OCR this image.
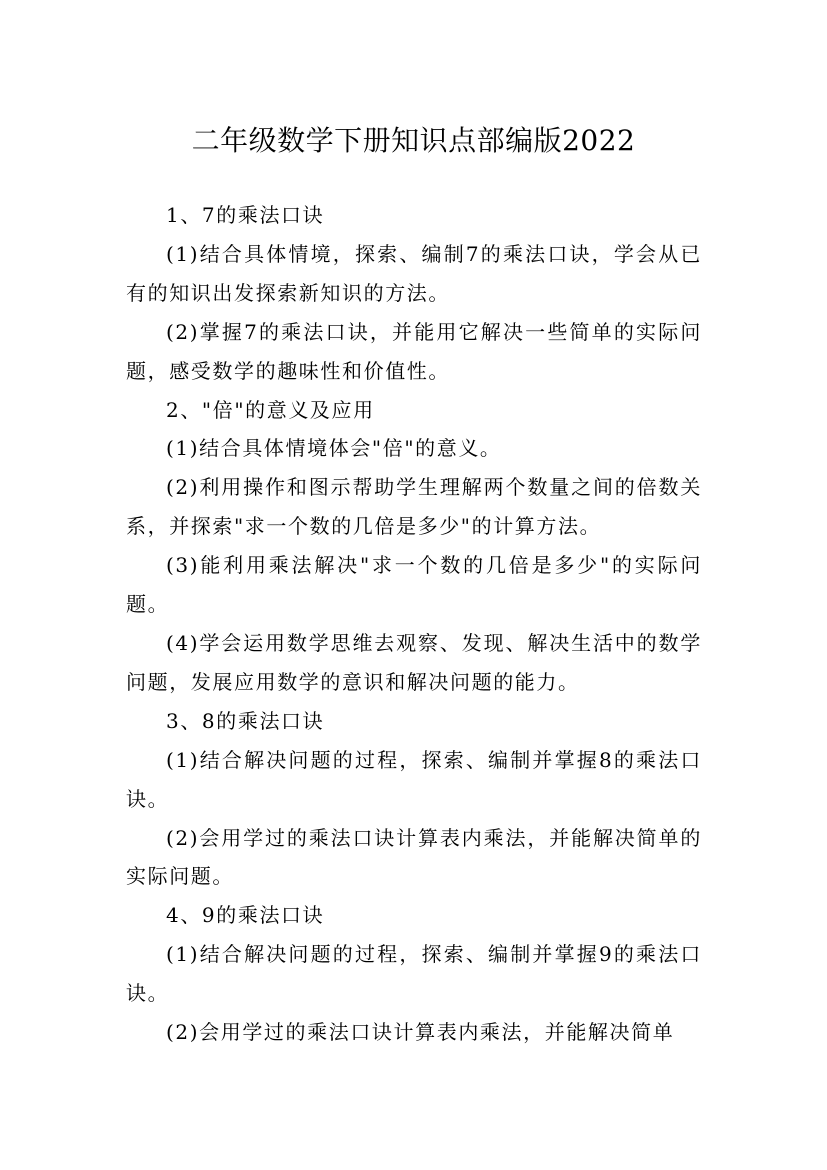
二年级数学下册知识点部编版2022

1、7的乘法口诀

(1)结合具体情境，探索、编制7的乘法口诀，学会从已有的知识出发探索新知识的方法。

(2)掌握7的乘法口诀，并能用它解决一些简单的实际问题，感受数学的趣味性和价值性。

2、"倍"的意义及应用

(1)结合具体情境体会"倍"的意义。

(2)利用操作和图示帮助学生理解两个数量之间的倍数关系，并探索"求一个数的几倍是多少"的计算方法。

(3)能利用乘法解决"求一个数的几倍是多少"的实际问题。

(4)学会运用数学思维去观察、发现、解决生活中的数学问题，发展应用数学的意识和解决问题的能力。

3、8的乘法口诀

(1)结合解决问题的过程，探索、编制并掌握8的乘法口诀。

(2)会用学过的乘法口诀计算表内乘法，并能解决简单的实际问题。

4、9的乘法口诀

(1)结合解决问题的过程，探索、编制并掌握9的乘法口诀。

(2)会用学过的乘法口诀计算表内乘法，并能解决简单
